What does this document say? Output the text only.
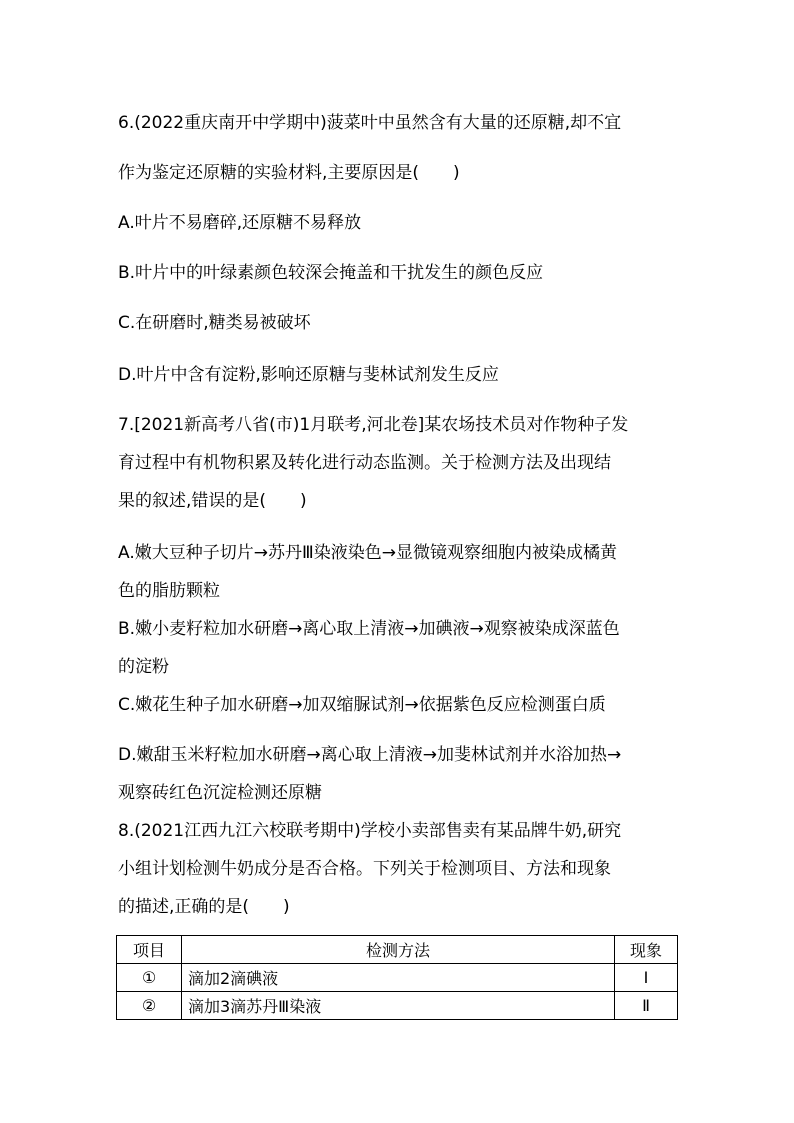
6.(2022重庆南开中学期中)菠菜叶中虽然含有大量的还原糖,却不宜
作为鉴定还原糖的实验材料,主要原因是(　　)
A.叶片不易磨碎,还原糖不易释放
B.叶片中的叶绿素颜色较深会掩盖和干扰发生的颜色反应
C.在研磨时,糖类易被破坏
D.叶片中含有淀粉,影响还原糖与斐林试剂发生反应
7.[2021新高考八省(市)1月联考,河北卷]某农场技术员对作物种子发
育过程中有机物积累及转化进行动态监测。关于检测方法及出现结
果的叙述,错误的是(　　)
A.嫩大豆种子切片→苏丹Ⅲ染液染色→显微镜观察细胞内被染成橘黄
色的脂肪颗粒
B.嫩小麦籽粒加水研磨→离心取上清液→加碘液→观察被染成深蓝色
的淀粉
C.嫩花生种子加水研磨→加双缩脲试剂→依据紫色反应检测蛋白质
D.嫩甜玉米籽粒加水研磨→离心取上清液→加斐林试剂并水浴加热→
观察砖红色沉淀检测还原糖
8.(2021江西九江六校联考期中)学校小卖部售卖有某品牌牛奶,研究
小组计划检测牛奶成分是否合格。下列关于检测项目、方法和现象
的描述,正确的是(　　)
项目	检测方法	现象
①	滴加2滴碘液	Ⅰ
②	滴加3滴苏丹Ⅲ染液	Ⅱ
